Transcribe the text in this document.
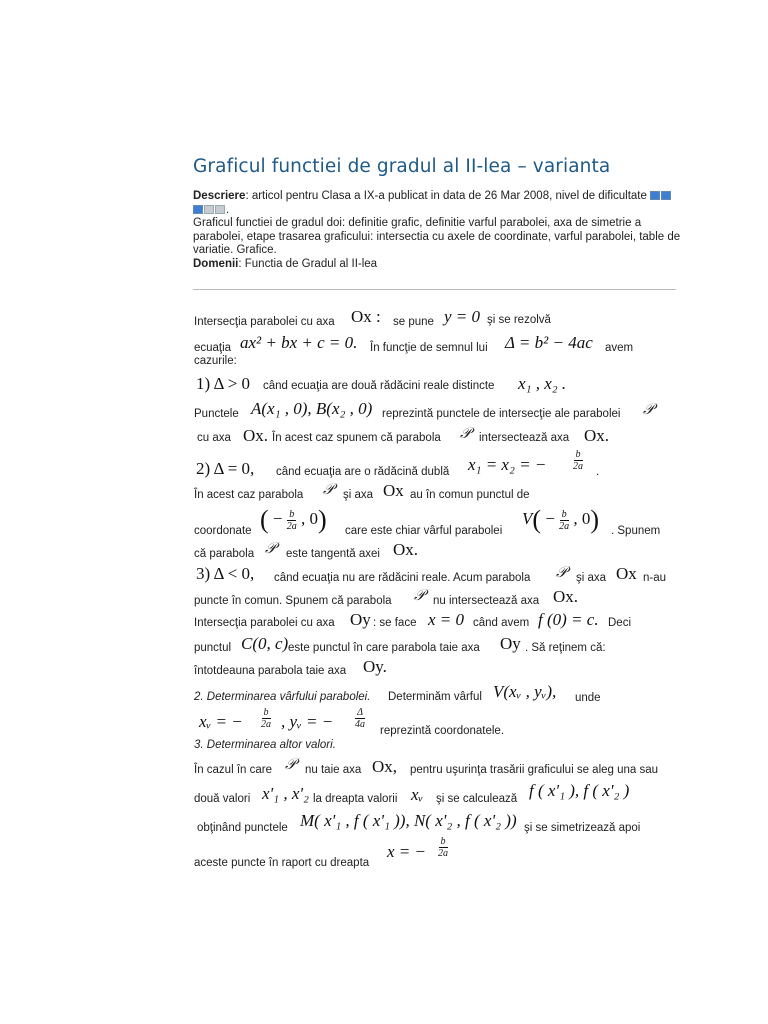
Graficul functiei de gradul al II-lea – varianta
Descriere: articol pentru Clasa a IX-a publicat in data de 26 Mar 2008, nivel de dificultate .
Graficul functiei de gradul doi: definitie grafic, definitie varful parabolei, axa de simetrie a parabolei, etape trasarea graficului: intersectia cu axele de coordinate, varful parabolei, table de variatie. Grafice.
Domenii: Functia de Gradul al II-lea
Intersecţia parabolei cu axa Ox : se pune y = 0 şi se rezolvă
ecuaţia ax² + bx + c = 0. În funcţie de semnul lui Δ = b² − 4ac avem
cazurile:
1) Δ > 0 când ecuaţia are două rădăcini reale distincte x₁ , x₂ .
Punctele A(x₁ , 0), B(x₂ , 0) reprezintă punctele de intersecţie ale parabolei 𝒫
cu axa Ox. În acest caz spunem că parabola 𝒫 intersectează axa Ox.
2) Δ = 0, când ecuaţia are o rădăcină dublă x₁ = x₂ = −	$\frac{b}{2a}$ .
În acest caz parabola 𝒫 şi axa Ox au în comun punctul de
coordonate ( − $\frac{b}{2a}$ , 0) care este chiar vârful parabolei
$V( - \frac{b}{2a}$ , 0) . Spunem
că parabola 𝒫 este tangentă axei Ox.
3) Δ < 0, când ecuaţia nu are rădăcini reale. Acum parabola 𝒫 şi axa Ox n-au
puncte în comun. Spunem că parabola 𝒫 nu intersectează axa Ox.
Intersecţia parabolei cu axa Oy : se face x = 0 când avem f (0) = c. Deci
punctul C(0, c) este punctul în care parabola taie axa Oy . Să reţinem că:
întotdeauna parabola taie axa Oy.
2. Determinarea vârfului parabolei. Determinăm vârful V(xᵥ , yᵥ), unde
xᵥ = − $\frac{b}{2a}$ , yᵥ = − $\frac{\Delta}{4a}$
reprezintă coordonatele.
3. Determinarea altor valori.
În cazul în care 𝒫 nu taie axa Ox, pentru uşurinţa trasării graficului se aleg una sau
două valori x'₁ , x'₂ la dreapta valorii xᵥ şi se calculează f ( x'₁ ), f ( x'₂ )
obţinând punctele M( x'₁ , f ( x'₁ )), N( x'₂ , f ( x'₂ )) şi se simetrizează apoi
aceste puncte în raport cu dreapta
x = − $\frac{b}{2a}$
